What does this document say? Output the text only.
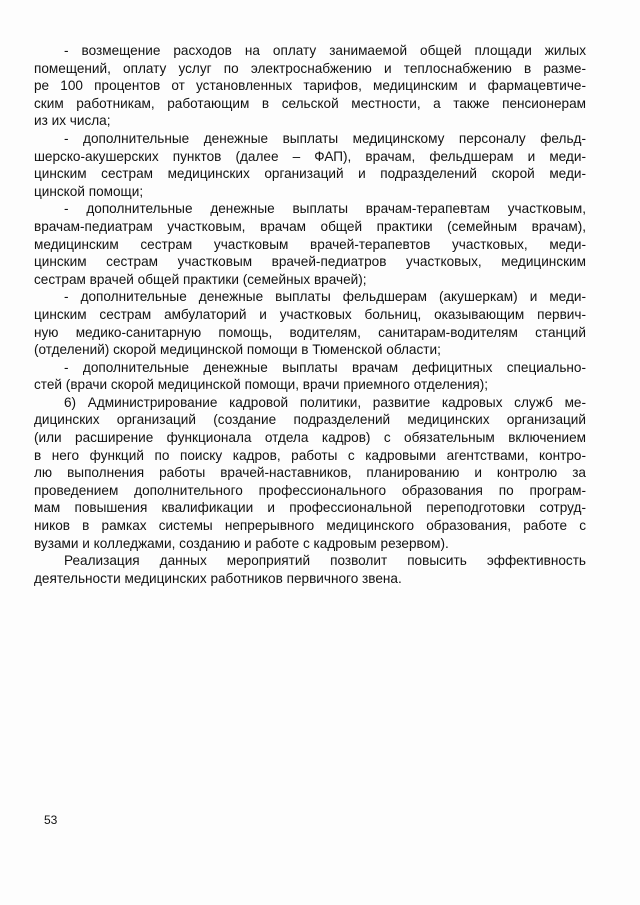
- возмещение расходов на оплату занимаемой общей площади жилых
помещений, оплату услуг по электроснабжению и теплоснабжению в разме-
ре 100 процентов от установленных тарифов, медицинским и фармацевтиче-
ским работникам, работающим в сельской местности, а также пенсионерам
из их числа;
- дополнительные денежные выплаты медицинскому персоналу фельд-
шерско-акушерских пунктов (далее – ФАП), врачам, фельдшерам и меди-
цинским сестрам медицинских организаций и подразделений скорой меди-
цинской помощи;
- дополнительные денежные выплаты врачам-терапевтам участковым,
врачам-педиатрам участковым, врачам общей практики (семейным врачам),
медицинским сестрам участковым врачей-терапевтов участковых, меди-
цинским сестрам участковым врачей-педиатров участковых, медицинским
сестрам врачей общей практики (семейных врачей);
- дополнительные денежные выплаты фельдшерам (акушеркам) и меди-
цинским сестрам амбулаторий и участковых больниц, оказывающим первич-
ную медико-санитарную помощь, водителям, санитарам-водителям станций
(отделений) скорой медицинской помощи в Тюменской области;
- дополнительные денежные выплаты врачам дефицитных специально-
стей (врачи скорой медицинской помощи, врачи приемного отделения);
6) Администрирование кадровой политики, развитие кадровых служб ме-
дицинских организаций (создание подразделений медицинских организаций
(или расширение функционала отдела кадров) с обязательным включением
в него функций по поиску кадров, работы с кадровыми агентствами, контро-
лю выполнения работы врачей-наставников, планированию и контролю за
проведением дополнительного профессионального образования по програм-
мам повышения квалификации и профессиональной переподготовки сотруд-
ников в рамках системы непрерывного медицинского образования, работе с
вузами и колледжами, созданию и работе с кадровым резервом).
Реализация данных мероприятий позволит повысить эффективность
деятельности медицинских работников первичного звена.
53
